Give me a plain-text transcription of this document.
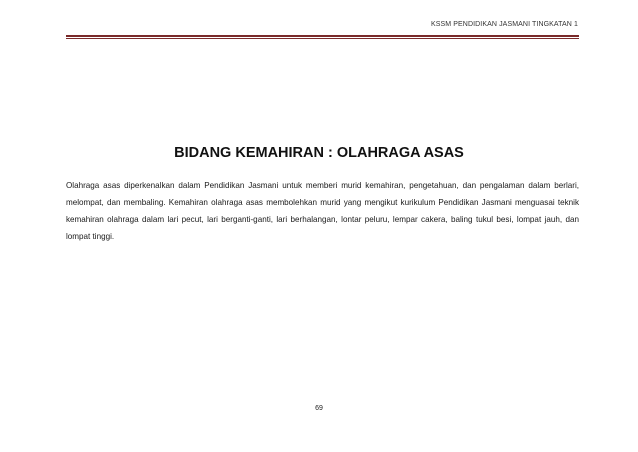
KSSM PENDIDIKAN JASMANI TINGKATAN 1
BIDANG KEMAHIRAN : OLAHRAGA ASAS

Olahraga asas diperkenalkan dalam Pendidikan Jasmani untuk memberi murid kemahiran, pengetahuan, dan pengalaman dalam berlari, melompat, dan membaling. Kemahiran olahraga asas membolehkan murid yang mengikut kurikulum Pendidikan Jasmani menguasai teknik kemahiran olahraga dalam lari pecut, lari berganti-ganti, lari berhalangan, lontar peluru, lempar cakera, baling tukul besi, lompat jauh, dan lompat tinggi.

69
